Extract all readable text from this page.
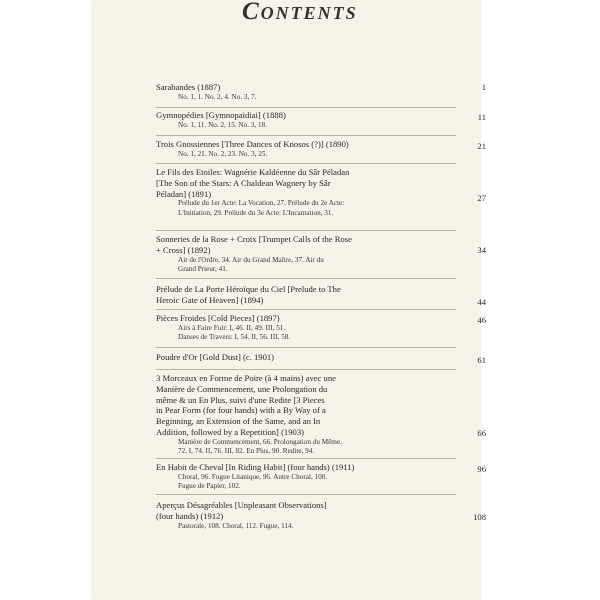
Contents
Sarabandes (1887)
No. 1, 1. No. 2, 4. No. 3, 7.
1
Gymnopédies [Gymnopaidiai] (1888)
No. 1, 11. No. 2, 15. No. 3, 18.
11
Trois Gnossiennes [Three Dances of Knosos (?)] (1890)
No. 1, 21. No. 2, 23. No. 3, 25.
21
Le Fils des Etoiles: Wagnérie Kaldéenne du Sâr Péladan
[The Son of the Stars: A Chaldean Wagnery by Sâr
Péladan] (1891)
Prélude du 1er Acte: La Vocation, 27. Prélude du 2e Acte:
L'Initiation, 29. Prélude du 3e Acte: L'Incantation, 31.
27
Sonneries de la Rose + Croix [Trumpet Calls of the Rose
+ Cross] (1892)
Air de l'Ordre, 34. Air du Grand Maître, 37. Air du
Grand Prieur, 41.
34
Prélude de La Porte Héroïque du Ciel [Prelude to The
Heroic Gate of Heaven] (1894)	44
Pièces Froides [Cold Pieces] (1897)
Airs à Faire Fuir: I, 46. II, 49. III, 51.
Danses de Travers: I, 54. II, 56. III, 58.
46
Poudre d'Or [Gold Dust] (c. 1901)	61
3 Morceaux en Forme de Poire (à 4 mains) avec une
Manière de Commencement, une Prolongation du
même & un En Plus, suivi d'une Redite [3 Pieces
in Pear Form (for four hands) with a By Way of a
Beginning, an Extension of the Same, and an In
Addition, followed by a Repetition] (1903)
Manière de Commencement, 66. Prolongation du Même,
72. I, 74. II, 76. III, 82. En Plus, 90. Redite, 94.
66
En Habit de Cheval [In Riding Habit] (four hands) (1911)
Choral, 96. Fugue Litanique, 96. Autre Choral, 100.
Fugue de Papier, 102.
96
Aperçus Désagréables [Unpleasant Observations]
(four hands) (1912)
Pastorale, 108. Choral, 112. Fugue, 114.
108
